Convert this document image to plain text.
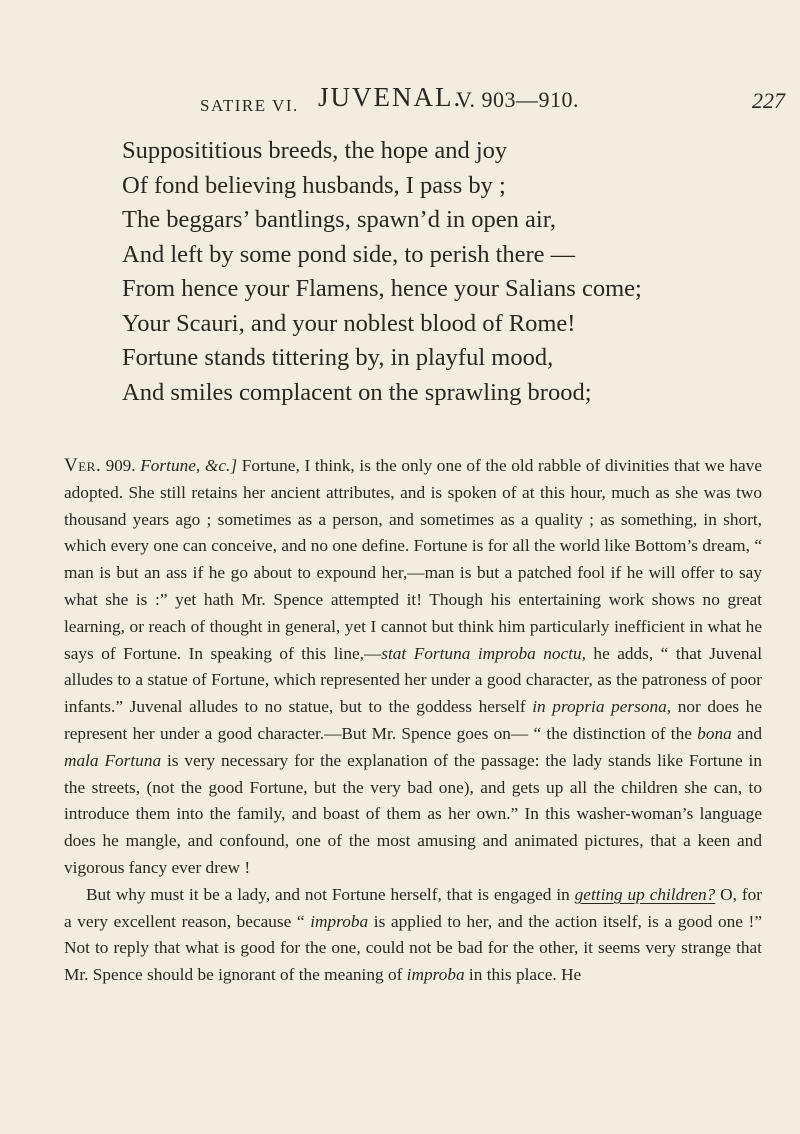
SATIRE VI. JUVENAL.
V. 903—910.	227
Supposititious breeds, the hope and joy
Of fond believing husbands, I pass by ;
The beggars’ bantlings, spawn’d in open air,
And left by some pond side, to perish there —
From hence your Flamens, hence your Salians come;
Your Scauri, and your noblest blood of Rome!
Fortune stands tittering by, in playful mood,
And smiles complacent on the sprawling brood;

Ver. 909. Fortune, &c.] Fortune, I think, is the only one of the old rabble of divinities that we have adopted. She still retains her ancient attributes, and is spoken of at this hour, much as she was two thousand years ago ; sometimes as a person, and sometimes as a quality ; as something, in short, which every one can conceive, and no one define. Fortune is for all the world like Bottom’s dream, “ man is but an ass if he go about to expound her,—man is but a patched fool if he will offer to say what she is :” yet hath Mr. Spence attempted it! Though his entertaining work shows no great learning, or reach of thought in general, yet I cannot but think him particularly inefficient in what he says of Fortune. In speaking of this line,—stat Fortuna improba noctu, he adds, “ that Juvenal alludes to a statue of Fortune, which represented her under a good character, as the patroness of poor infants.” Juvenal alludes to no statue, but to the goddess herself in propria persona, nor does he represent her under a good character.—But Mr. Spence goes on— “ the distinction of the bona and mala Fortuna is very necessary for the explanation of the passage: the lady stands like Fortune in the streets, (not the good Fortune, but the very bad one), and gets up all the children she can, to introduce them into the family, and boast of them as her own.” In this washer-woman’s language does he mangle, and confound, one of the most amusing and animated pictures, that a keen and vigorous fancy ever drew !

But why must it be a lady, and not Fortune herself, that is engaged in getting up children? O, for a very excellent reason, because “ improba is applied to her, and the action itself, is a good one !” Not to reply that what is good for the one, could not be bad for the other, it seems very strange that Mr. Spence should be ignorant of the meaning of improba in this place. He
